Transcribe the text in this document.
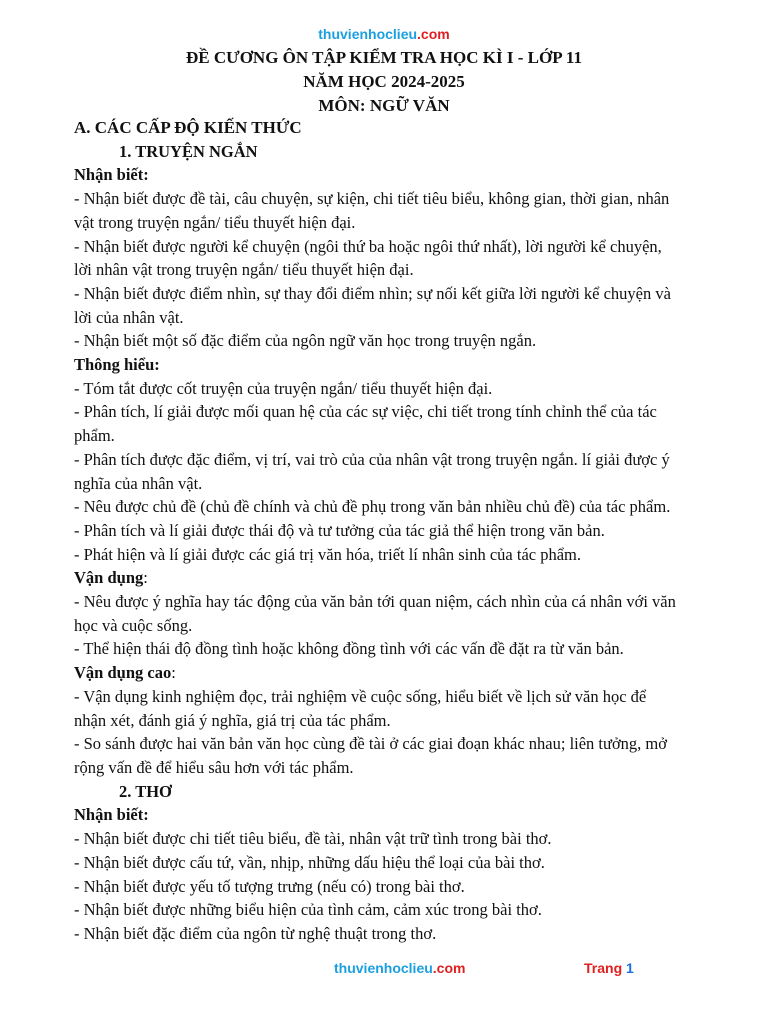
thuvienhoclieu.com
ĐỀ CƯƠNG ÔN TẬP KIỂM TRA HỌC KÌ I - LỚP 11
NĂM HỌC 2024-2025
MÔN: NGỮ VĂN
A. CÁC CẤP ĐỘ KIẾN THỨC
1. TRUYỆN NGẮN
Nhận biết:
- Nhận biết được đề tài, câu chuyện, sự kiện, chi tiết tiêu biểu, không gian, thời gian, nhân
vật trong truyện ngắn/ tiểu thuyết hiện đại.
- Nhận biết được người kể chuyện (ngôi thứ ba hoặc ngôi thứ nhất), lời người kể chuyện,
lời nhân vật trong truyện ngắn/ tiểu thuyết hiện đại.
- Nhận biết được điểm nhìn, sự thay đổi điểm nhìn; sự nối kết giữa lời người kể chuyện và
lời của nhân vật.
- Nhận biết một số đặc điểm của ngôn ngữ văn học trong truyện ngắn.
Thông hiểu:
- Tóm tắt được cốt truyện của truyện ngắn/ tiểu thuyết hiện đại.
- Phân tích, lí giải được mối quan hệ của các sự việc, chi tiết trong tính chỉnh thể của tác
phẩm.
- Phân tích được đặc điểm, vị trí, vai trò của của nhân vật trong truyện ngắn. lí giải được ý
nghĩa của nhân vật.
- Nêu được chủ đề (chủ đề chính và chủ đề phụ trong văn bản nhiều chủ đề) của tác phẩm.
- Phân tích và lí giải được thái độ và tư tưởng của tác giả thể hiện trong văn bản.
- Phát hiện và lí giải được các giá trị văn hóa, triết lí nhân sinh của tác phẩm.
Vận dụng:
- Nêu được ý nghĩa hay tác động của văn bản tới quan niệm, cách nhìn của cá nhân với văn
học và cuộc sống.
- Thể hiện thái độ đồng tình hoặc không đồng tình với các vấn đề đặt ra từ văn bản.
Vận dụng cao:
- Vận dụng kinh nghiệm đọc, trải nghiệm về cuộc sống, hiểu biết về lịch sử văn học để
nhận xét, đánh giá ý nghĩa, giá trị của tác phẩm.
- So sánh được hai văn bản văn học cùng đề tài ở các giai đoạn khác nhau; liên tưởng, mở
rộng vấn đề để hiểu sâu hơn với tác phẩm.
2. THƠ
Nhận biết:
- Nhận biết được chi tiết tiêu biểu, đề tài, nhân vật trữ tình trong bài thơ.
- Nhận biết được cấu tứ, vần, nhịp, những dấu hiệu thể loại của bài thơ.
- Nhận biết được yếu tố tượng trưng (nếu có) trong bài thơ.
- Nhận biết được những biểu hiện của tình cảm, cảm xúc trong bài thơ.
- Nhận biết đặc điểm của ngôn từ nghệ thuật trong thơ.
thuvienhoclieu.com	Trang 1
